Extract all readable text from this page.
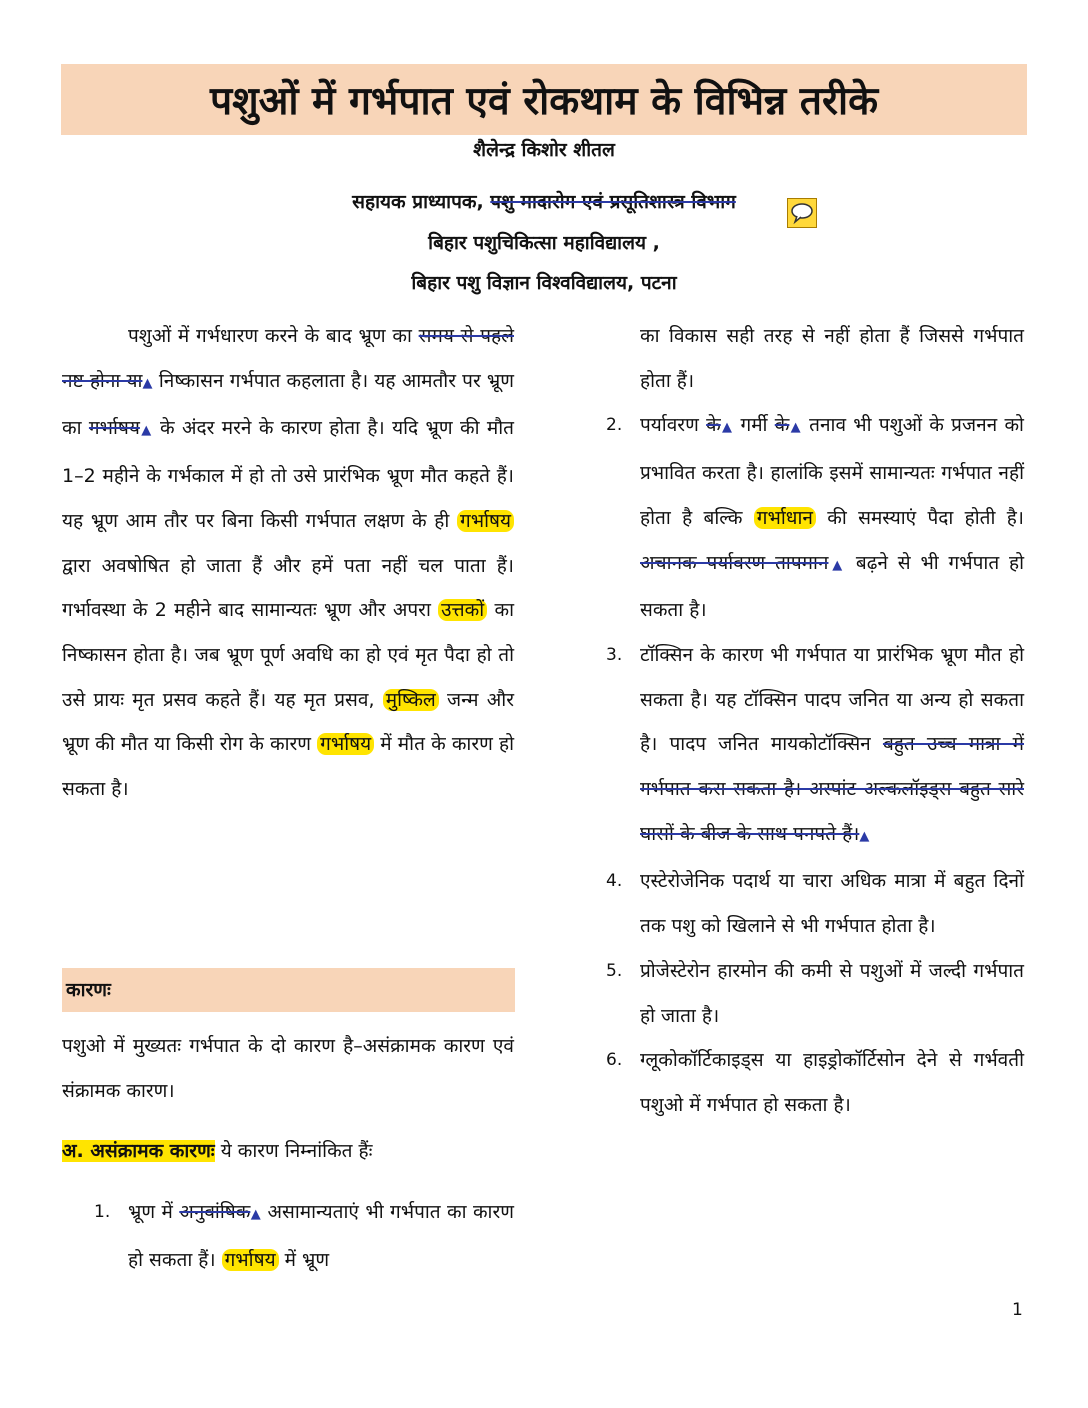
पशुओं में गर्भपात एवं रोकथाम के विभिन्न तरीके
शैलेन्द्र किशोर शीतल
सहायक प्राध्यापक, पशु मादारोग एवं प्रसूतिशास्त्र विभाग
बिहार पशुचिकित्सा महाविद्यालय ,
बिहार पशु विज्ञान विश्वविद्यालय, पटना

पशुओं में गर्भधारण करने के बाद भ्रूण का समय से पहले नष्ट होना या▲ निष्कासन गर्भपात कहलाता है। यह आमतौर पर भ्रूण का गर्भाषय▲ के अंदर मरने के कारण होता है। यदि भ्रूण की मौत 1–2 महीने के गर्भकाल में हो तो उसे प्रारंभिक भ्रूण मौत कहते हैं। यह भ्रूण आम तौर पर बिना किसी गर्भपात लक्षण के ही गर्भाषय द्वारा अवषोषित हो जाता हैं और हमें पता नहीं चल पाता हैं। गर्भावस्था के 2 महीने बाद सामान्यतः भ्रूण और अपरा उत्तकों का निष्कासन होता है। जब भ्रूण पूर्ण अवधि का हो एवं मृत पैदा हो तो उसे प्रायः मृत प्रसव कहते हैं। यह मृत प्रसव, मुष्किल जन्म और भ्रूण की मौत या किसी रोग के कारण गर्भाषय में मौत के कारण हो सकता है।

कारणः

पशुओ में मुख्यतः गर्भपात के दो कारण है–असंक्रामक कारण एवं संक्रामक कारण।

अ. असंक्रामक कारणः ये कारण निम्नांकित हैंः

1. भ्रूण में अनुवांषिक▲ असामान्यताएं भी गर्भपात का कारण हो सकता हैं। गर्भाषय में भ्रूण

का विकास सही तरह से नहीं होता हैं जिससे गर्भपात होता हैं।

2. पर्यावरण के▲ गर्मी के▲ तनाव भी पशुओं के प्रजनन को प्रभावित करता है। हालांकि इसमें सामान्यतः गर्भपात नहीं होता है बल्कि गर्भाधान की समस्याएं पैदा होती है। अचानक पर्यावरण तापमान▲ बढ़ने से भी गर्भपात हो सकता है।
3. टॉक्सिन के कारण भी गर्भपात या प्रारंभिक भ्रूण मौत हो सकता है। यह टॉक्सिन पादप जनित या अन्य हो सकता है। पादप जनित मायकोटॉक्सिन बहुत उच्च मात्रा में गर्भपात करा सकता है। अस्पांट अल्कलॉइड्स बहुत सारे घासों के बीज के साथ पनपते हैं।▲
4. एस्टेरोजेनिक पदार्थ या चारा अधिक मात्रा में बहुत दिनों तक पशु को खिलाने से भी गर्भपात होता है।
5. प्रोजेस्टेरोन हारमोन की कमी से पशुओं में जल्दी गर्भपात हो जाता है।
6. ग्लूकोकॉर्टिकाइड्स या हाइड्रोकॉर्टिसोन देने से गर्भवती पशुओ में गर्भपात हो सकता है।
1
